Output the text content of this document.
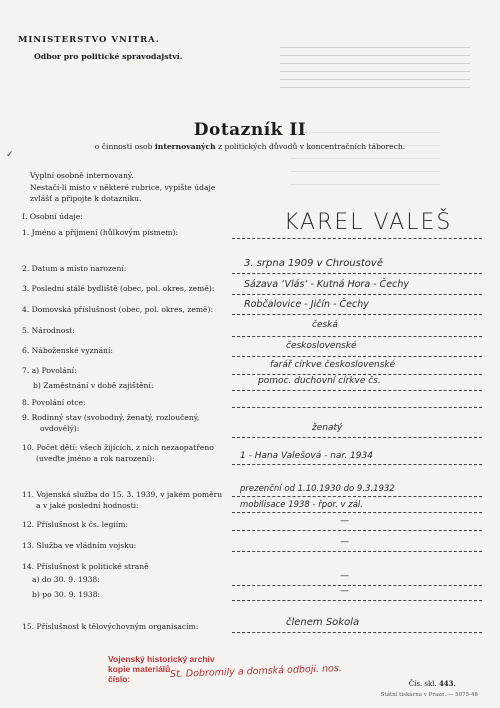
MINISTERSTVO VNITRA.
Odbor pro politické spravodajství.
Dotazník II
o činnosti osob internovaných z politických důvodů v koncentračních táborech.
✓
Vyplní osobně internovaný.
Nestačí-li místo v některé rubrice, vypište údaje
zvlášť a připojte k dotazníku.
I. Osobní údaje:
1. Jméno a příjmení (hůlkovým písmem):	KAREL VALEŠ
2. Datum a místo narození:	3. srpna 1909 v Chroustově
3. Poslední stálé bydliště (obec, pol. okres, země):	Sázava ‘Vlás‘ - Kutná Hora - Čechy
4. Domovská příslušnost (obec, pol. okres, země):	Robčalovice - Jičín - Čechy
5. Národnost:
česká
6. Náboženské vyznání:	československé
7. a) Povolání:
farář církve československé
b) Zaměstnání v době zajištění:	pomoc. duchovní církve čs.
8. Povolání otce:
9. Rodinný stav (svobodný, ženatý, rozloučený,
ovdovělý):	ženatý
10. Počet dětí: všech žijících, z nich nezaopatřeno
(uveďte jméno a rok narození):	1 - Hana Valešová - nar. 1934
11. Vojenská služba do 15. 3. 1939, v jakém poměru
a v jaké poslední hodnosti:
prezenční od 1.10.1930 do 9.3.1932
mobilisace 1938 - řpor. v zál.
12. Příslušnost k čs. legiím:	—
13. Služba ve vládním vojsku:	—
14. Příslušnost k politické straně
a) do 30. 9. 1938:	—
b) po 30. 9. 1938:	—
15. Příslušnost k tělovýchovným organisacím:	členem Sokola
Vojenský historický archiv
kopie materiálů
číslo:	St. Dobromily a domská odboji. nos.
Čís. skl. 443.
Státní tiskárna v Praze. — 5075-46
